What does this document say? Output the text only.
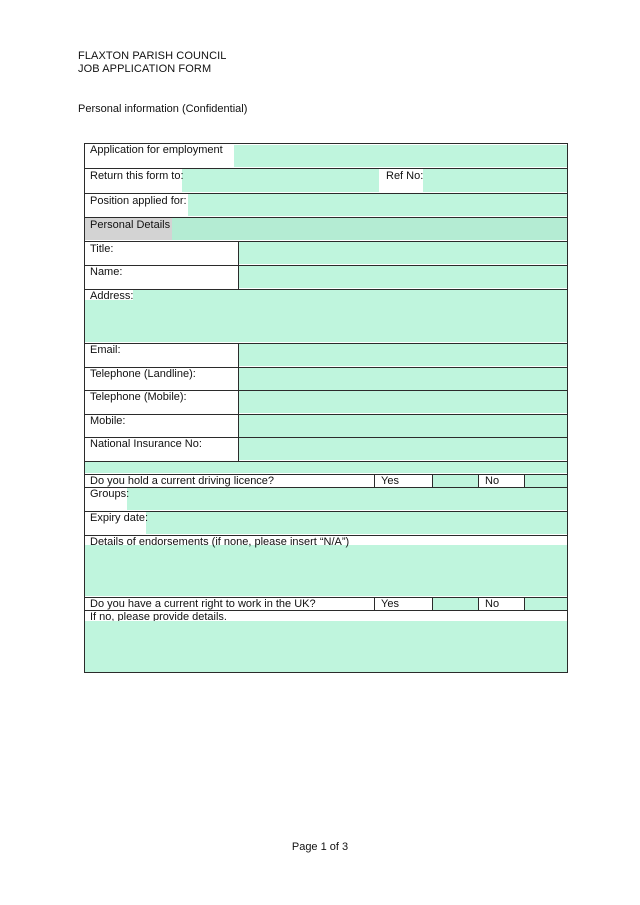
FLAXTON PARISH COUNCIL
JOB APPLICATION FORM
Personal information (Confidential)
Application for employment
Return this form to:	Ref No:
Position applied for:
Personal Details
Title:
Name:
Address:
Email:
Telephone (Landline):
Telephone (Mobile):
Mobile:
National Insurance No:
Do you hold a current driving licence?	Yes	No
Groups:
Expiry date:
Details of endorsements (if none, please insert “N/A”)
Do you have a current right to work in the UK?	Yes	No
If no, please provide details.
Page 1 of 3
